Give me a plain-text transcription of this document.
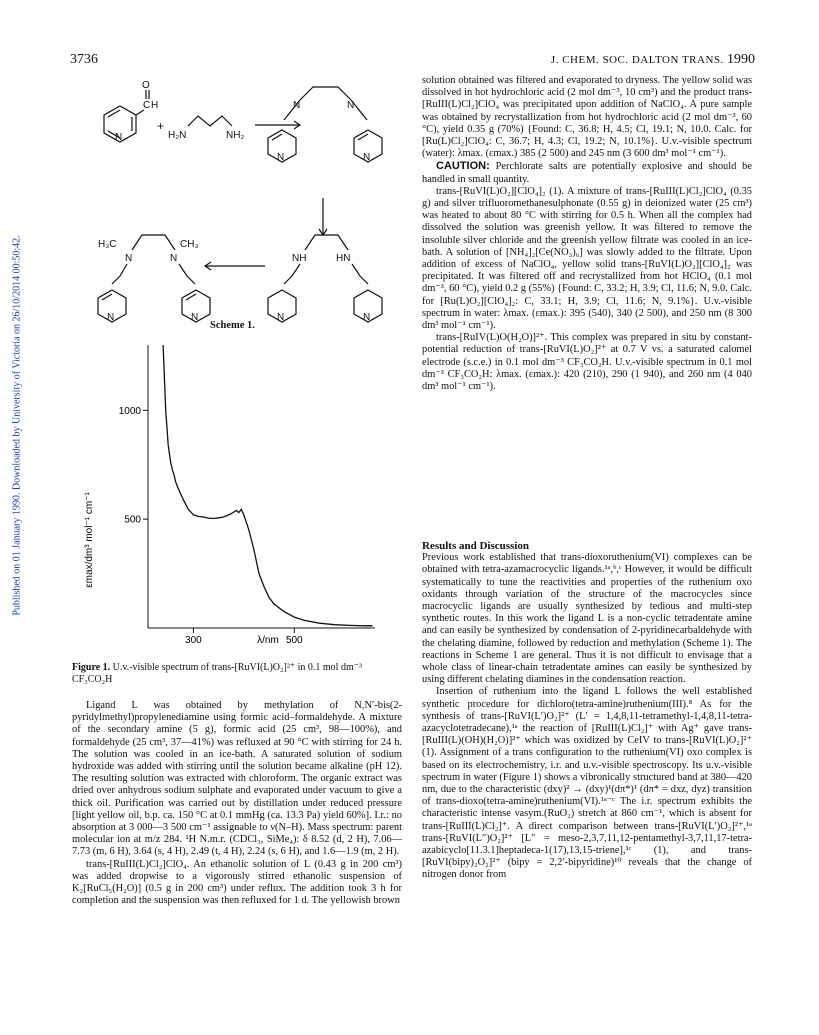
3736	J. CHEM. SOC. DALTON TRANS. 1990
Published on 01 January 1990. Downloaded by University of Victoria on 26/10/2014 00:50:42.
O
C H
N
+
H₂N	NH₂
N	N
N	N
NH	HN
N	N
H₃C
N	N
CH₃
N	N
Scheme 1.
500
1000
300	500
εmax/dm³ mol⁻¹ cm⁻¹
λ/nm
Figure 1. U.v.-visible spectrum of trans-[RuVI(L)O₂]²⁺ in 0.1 mol dm⁻³ CF₃CO₂H

Ligand L was obtained by methylation of N,N′-bis(2-pyridylmethyl)propylenediamine using formic acid–formaldehyde. A mixture of the secondary amine (5 g), formic acid (25 cm³, 98—100%), and formaldehyde (25 cm³, 37—41%) was refluxed at 90 °C with stirring for 24 h. The solution was cooled in an ice-bath. A saturated solution of sodium hydroxide was added with stirring until the solution became alkaline (pH 12). The resulting solution was extracted with chloroform. The organic extract was dried over anhydrous sodium sulphate and evaporated under vacuum to give a thick oil. Purification was carried out by distillation under reduced pressure [light yellow oil, b.p. ca. 150 °C at 0.1 mmHg (ca. 13.3 Pa) yield 60%]. I.r.: no absorption at 3 000—3 500 cm⁻¹ assignable to ν(N–H). Mass spectrum: parent molecular ion at m/z 284. ¹H N.m.r. (CDCl₃, SiMe₄): δ 8.52 (d, 2 H), 7.06—7.73 (m, 6 H), 3.64 (s, 4 H), 2.49 (t, 4 H), 2.24 (s, 6 H), and 1.6—1.9 (m, 2 H).

trans-[RuIII(L)Cl₂]ClO₄. An ethanolic solution of L (0.43 g in 200 cm³) was added dropwise to a vigorously stirred ethanolic suspension of K₂[RuCl₅(H₂O)] (0.5 g in 200 cm³) under reflux. The addition took 3 h for completion and the suspension was then refluxed for 1 d. The yellowish brown

solution obtained was filtered and evaporated to dryness. The yellow solid was dissolved in hot hydrochloric acid (2 mol dm⁻³, 10 cm³) and the product trans-[RuIII(L)Cl₂]ClO₄ was precipitated upon addition of NaClO₄. A pure sample was obtained by recrystallization from hot hydrochloric acid (2 mol dm⁻³, 60 °C), yield 0.35 g (70%) {Found: C, 36.8; H, 4.5; Cl, 19.1; N, 10.0. Calc. for [Ru(L)Cl₂]ClO₄: C, 36.7; H, 4.3; Cl, 19.2; N, 10.1%}. U.v.-visible spectrum (water): λmax. (εmax.) 385 (2 500) and 245 nm (3 600 dm³ mol⁻¹ cm⁻¹).

CAUTION: Perchlorate salts are potentially explosive and should be handled in small quantity.

trans-[RuVI(L)O₂][ClO₄]₂ (1). A mixture of trans-[RuIII(L)Cl₂]ClO₄ (0.35 g) and silver trifluoromethanesulphonate (0.55 g) in deionized water (25 cm³) was heated to about 80 °C with stirring for 0.5 h. When all the complex had dissolved the solution was greenish yellow. It was filtered to remove the insoluble silver chloride and the greenish yellow filtrate was cooled in an ice-bath. A solution of [NH₄]₂[Ce(NO₃)₆] was slowly added to the filtrate. Upon addition of excess of NaClO₄, yellow solid trans-[RuVI(L)O₂][ClO₄]₂ was precipitated. It was filtered off and recrystallized from hot HClO₄ (0.1 mol dm⁻³, 60 °C), yield 0.2 g (55%) {Found: C, 33.2; H, 3.9; Cl, 11.6; N, 9.0. Calc. for [Ru(L)O₂][ClO₄]₂: C, 33.1; H, 3.9; Cl, 11.6; N, 9.1%}. U.v.-visible spectrum in water: λmax. (εmax.): 395 (540), 340 (2 500), and 250 nm (8 300 dm³ mol⁻¹ cm⁻¹).

trans-[RuIV(L)O(H₂O)]²⁺. This complex was prepared in situ by constant-potential reduction of trans-[RuVI(L)O₂]²⁺ at 0.7 V vs. a saturated calomel electrode (s.c.e.) in 0.1 mol dm⁻³ CF₃CO₂H. U.v.-visible spectrum in 0.1 mol dm⁻³ CF₃CO₂H: λmax. (εmax.): 420 (210), 290 (1 940), and 260 nm (4 040 dm³ mol⁻¹ cm⁻¹).

Results and Discussion

Previous work established that trans-dioxoruthenium(VI) complexes can be obtained with tetra-azamacrocyclic ligands.¹ᵃ,ᵇ,ᶜ However, it would be difficult systematically to tune the reactivities and properties of the ruthenium oxo oxidants through variation of the structure of the macrocycles since macrocyclic ligands are usually synthesized by tedious and multi-step synthetic routes. In this work the ligand L is a non-cyclic tetradentate amine and can easily be synthesized by condensation of 2-pyridinecarbaldehyde with the chelating diamine, followed by reduction and methylation (Scheme 1). The reactions in Scheme 1 are general. Thus it is not difficult to envisage that a whole class of linear-chain tetradentate amines can easily be synthesized by using different chelating diamines in the condensation reaction.

Insertion of ruthenium into the ligand L follows the well established synthetic procedure for dichloro(tetra-amine)ruthenium(III).⁸ As for the synthesis of trans-[RuVI(L′)O₂]²⁺ (L′ = 1,4,8,11-tetramethyl-1,4,8,11-tetra-azacyclotetradecane),¹ᵃ the reaction of [RuIII(L)Cl₂]⁺ with Ag⁺ gave trans-[RuIII(L)(OH)(H₂O)]²⁺ which was oxidized by CeIV to trans-[RuVI(L)O₂]²⁺ (1). Assignment of a trans configuration to the ruthenium(VI) oxo complex is based on its electrochemistry, i.r. and u.v.-visible spectroscopy. Its u.v.-visible spectrum in water (Figure 1) shows a vibronically structured band at 380—420 nm, due to the characteristic (dxy)² → (dxy)¹(dπ*)¹ (dπ* = dxz, dyz) transition of trans-dioxo(tetra-amine)ruthenium(VI).¹ᵃ⁻ᶜ The i.r. spectrum exhibits the characteristic intense νasym.(RuO₂) stretch at 860 cm⁻¹, which is absent for trans-[RuIII(L)Cl₂]⁺. A direct comparison between trans-[RuVI(L′)O₂]²⁺,¹ᵃ trans-[RuVI(L″)O₂]²⁺ [L″ = meso-2,3,7,11,12-pentamethyl-3,7,11,17-tetra-azabicyclo[11.3.1]heptadeca-1(17),13,15-triene],¹ᶜ (1), and trans-[RuVI(bipy)₂O₂]²⁺ (bipy = 2,2′-bipyridine)¹⁰ reveals that the change of nitrogen donor from
